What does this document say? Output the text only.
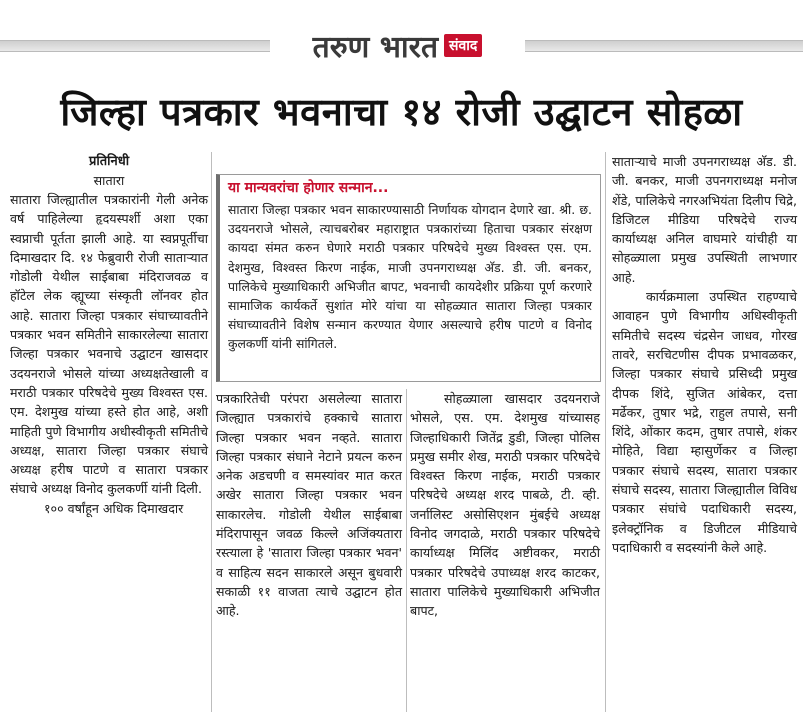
तरुण भारत संवाद
जिल्हा पत्रकार भवनाचा १४ रोजी उद्घाटन सोहळा
प्रतिनिधी
सातारा

सातारा जिल्ह्यातील पत्रकारांनी गेली अनेक वर्ष पाहिलेल्या हृदयस्पर्शी अशा एका स्वप्नाची पूर्तता झाली आहे. या स्वप्नपूर्तीचा दिमाखदार दि. १४ फेब्रुवारी रोजी साताऱ्यात गोडोली येथील साईबाबा मंदिराजवळ व हॉटेल लेक व्ह्यूच्या संस्कृती लॉनवर होत आहे. सातारा जिल्हा पत्रकार संघाच्यावतीने पत्रकार भवन समितीने साकारलेल्या सातारा जिल्हा पत्रकार भवनाचे उद्घाटन खासदार उदयनराजे भोसले यांच्या अध्यक्षतेखाली व मराठी पत्रकार परिषदेचे मुख्य विश्वस्त एस. एम. देशमुख यांच्या हस्ते होत आहे, अशी माहिती पुणे विभागीय अधीस्वीकृती समितीचे अध्यक्ष, सातारा जिल्हा पत्रकार संघाचे अध्यक्ष हरीष पाटणे व सातारा पत्रकार संघाचे अध्यक्ष विनोद कुलकर्णी यांनी दिली.

१०० वर्षांहून अधिक दिमाखदार

या मान्यवरांचा होणार सन्मान...
सातारा जिल्हा पत्रकार भवन साकारण्यासाठी निर्णायक योगदान देणारे खा. श्री. छ. उदयनराजे भोसले, त्याचबरोबर महाराष्ट्रात पत्रकारांच्या हिताचा पत्रकार संरक्षण कायदा संमत करुन घेणारे मराठी पत्रकार परिषदेचे मुख्य विश्वस्त एस. एम. देशमुख, विश्वस्त किरण नाईक, माजी उपनगराध्यक्ष अ‍ॅड. डी. जी. बनकर, पालिकेचे मुख्याधिकारी अभिजीत बापट, भवनाची कायदेशीर प्रक्रिया पूर्ण करणारे सामाजिक कार्यकर्ते सुशांत मोरे यांचा या सोहळ्यात सातारा जिल्हा पत्रकार संघाच्यावतीने विशेष सन्मान करण्यात येणार असल्याचे हरीष पाटणे व विनोद कुलकर्णी यांनी सांगितले.

पत्रकारितेची परंपरा असलेल्या सातारा जिल्ह्यात पत्रकारांचे हक्काचे सातारा जिल्हा पत्रकार भवन नव्हते. सातारा जिल्हा पत्रकार संघाने नेटाने प्रयत्न करुन अनेक अडचणी व समस्यांवर मात करत अखेर सातारा जिल्हा पत्रकार भवन साकारलेच. गोडोली येथील साईबाबा मंदिरापासून जवळ किल्ले अजिंक्यतारा रस्त्याला हे 'सातारा जिल्हा पत्रकार भवन' व साहित्य सदन साकारले असून बुधवारी सकाळी ११ वाजता त्याचे उद्घाटन होत आहे.

सोहळ्याला खासदार उदयनराजे भोसले, एस. एम. देशमुख यांच्यासह जिल्हाधिकारी जितेंद्र डुडी, जिल्हा पोलिस प्रमुख समीर शेख, मराठी पत्रकार परिषदेचे विश्वस्त किरण नाईक, मराठी पत्रकार परिषदेचे अध्यक्ष शरद पाबळे, टी. व्ही. जर्नालिस्ट असोसिएशन मुंबईचे अध्यक्ष विनोद जगदाळे, मराठी पत्रकार परिषदेचे कार्याध्यक्ष मिलिंद अष्टीवकर, मराठी पत्रकार परिषदेचे उपाध्यक्ष शरद काटकर, सातारा पालिकेचे मुख्याधिकारी अभिजीत बापट,

साताऱ्याचे माजी उपनगराध्यक्ष अ‍ॅड. डी. जी. बनकर, माजी उपनगराध्यक्ष मनोज शेंडे, पालिकेचे नगरअभियंता दिलीप चिद्रे, डिजिटल मीडिया परिषदेचे राज्य कार्याध्यक्ष अनिल वाघमारे यांचीही या सोहळ्याला प्रमुख उपस्थिती लाभणार आहे.

कार्यक्रमाला उपस्थित राहण्याचे आवाहन पुणे विभागीय अधिस्वीकृती समितीचे सदस्य चंद्रसेन जाधव, गोरख तावरे, सरचिटणीस दीपक प्रभावळकर, जिल्हा पत्रकार संघाचे प्रसिध्दी प्रमुख दीपक शिंदे, सुजित आंबेकर, दत्ता मर्ढेकर, तुषार भद्रे, राहुल तपासे, सनी शिंदे, ओंकार कदम, तुषार तपासे, शंकर मोहिते, विद्या म्हासुर्णेकर व जिल्हा पत्रकार संघाचे सदस्य, सातारा पत्रकार संघाचे सदस्य, सातारा जिल्ह्यातील विविध पत्रकार संघांचे पदाधिकारी सदस्य, इलेक्ट्रॉनिक व डिजीटल मीडियाचे पदाधिकारी व सदस्यांनी केले आहे.
